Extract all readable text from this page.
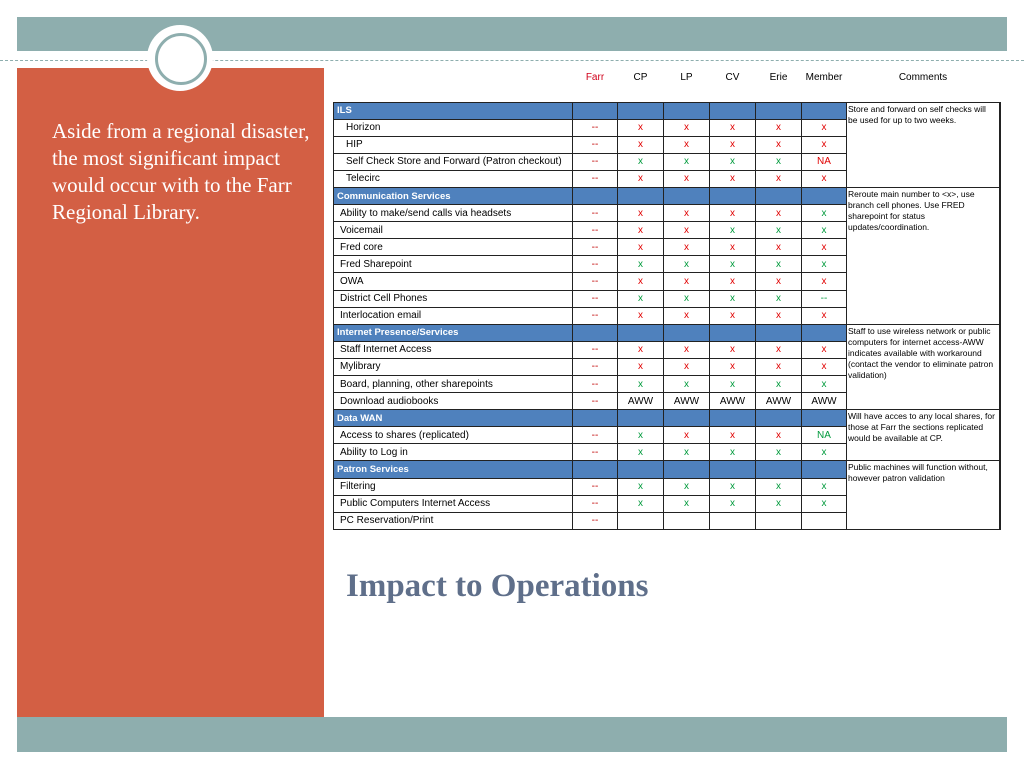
Aside from a regional disaster, the most significant impact would occur with to the Farr Regional Library.

	Farr	CP	LP	CV	Erie	Member	Comments

ILS							Store and forward on self checks will be used for up to two weeks.
Horizon	--	x	x	x	x	x	
HIP	--	x	x	x	x	x	
Self Check Store and Forward (Patron checkout)	--	x	x	x	x	NA	
Telecirc	--	x	x	x	x	x	
Communication Services							Reroute main number to <x>, use branch cell phones. Use FRED sharepoint for status updates/coordination.
Ability to make/send calls via headsets	--	x	x	x	x	x	
Voicemail	--	x	x	x	x	x	
Fred core	--	x	x	x	x	x	
Fred Sharepoint	--	x	x	x	x	x	
OWA	--	x	x	x	x	x	
District Cell Phones	--	x	x	x	x	--	
Interlocation email	--	x	x	x	x	x	
Internet Presence/Services							Staff to use wireless network or public computers for internet access-AWW indicates available with workaround (contact the vendor to eliminate patron validation)
Staff Internet Access	--	x	x	x	x	x	
Mylibrary	--	x	x	x	x	x	
Board, planning, other sharepoints	--	x	x	x	x	x	
Download audiobooks	--	AWW	AWW	AWW	AWW	AWW	
Data WAN							Will have acces to any local shares, for those at Farr the sections replicated would be available at CP.
Access to shares (replicated)	--	x	x	x	x	NA	
Ability to Log in	--	x	x	x	x	x	
Patron Services							Public machines will function without, however patron validation
Filtering	--	x	x	x	x	x	
Public Computers Internet Access	--	x	x	x	x	x	
PC Reservation/Print	--						
Impact to Operations
